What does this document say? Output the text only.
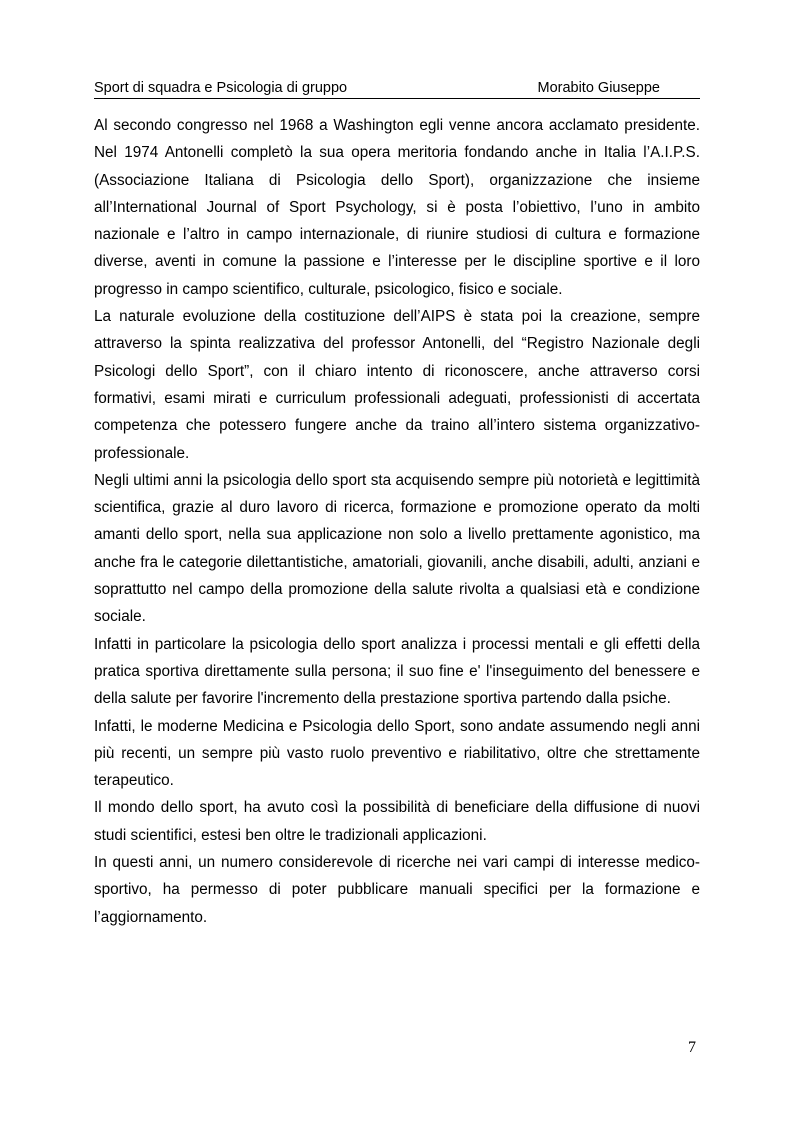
Sport di squadra e Psicologia di gruppo	Morabito Giuseppe

Al secondo congresso nel 1968 a Washington egli venne ancora acclamato presidente. Nel 1974 Antonelli completò la sua opera meritoria fondando anche in Italia l’A.I.P.S. (Associazione Italiana di Psicologia dello Sport), organizzazione che insieme all’International Journal of Sport Psychology, si è posta l’obiettivo, l’uno in ambito nazionale e l’altro in campo internazionale, di riunire studiosi di cultura e formazione diverse, aventi in comune la passione e l’interesse per le discipline sportive e il loro progresso in campo scientifico, culturale, psicologico, fisico e sociale.

La naturale evoluzione della costituzione dell’AIPS è stata poi la creazione, sempre attraverso la spinta realizzativa del professor Antonelli, del “Registro Nazionale degli Psicologi dello Sport”, con il chiaro intento di riconoscere, anche attraverso corsi formativi, esami mirati e curriculum professionali adeguati, professionisti di accertata competenza che potessero fungere anche da traino all’intero sistema organizzativo-professionale.

Negli ultimi anni la psicologia dello sport sta acquisendo sempre più notorietà e legittimità scientifica, grazie al duro lavoro di ricerca, formazione e promozione operato da molti amanti dello sport, nella sua applicazione non solo a livello prettamente agonistico, ma anche fra le categorie dilettantistiche, amatoriali, giovanili, anche disabili, adulti, anziani e soprattutto nel campo della promozione della salute rivolta a qualsiasi età e condizione sociale.

Infatti in particolare la psicologia dello sport analizza i processi mentali e gli effetti della pratica sportiva direttamente sulla persona; il suo fine e' l'inseguimento del benessere e della salute per favorire l'incremento della prestazione sportiva partendo dalla psiche.

Infatti, le moderne Medicina e Psicologia dello Sport, sono andate assumendo negli anni più recenti, un sempre più vasto ruolo preventivo e riabilitativo, oltre che strettamente terapeutico.

Il mondo dello sport, ha avuto così la possibilità di beneficiare della diffusione di nuovi studi scientifici, estesi ben oltre le tradizionali applicazioni.

In questi anni, un numero considerevole di ricerche nei vari campi di interesse medico-sportivo, ha permesso di poter pubblicare manuali specifici per la formazione e l’aggiornamento.

7
